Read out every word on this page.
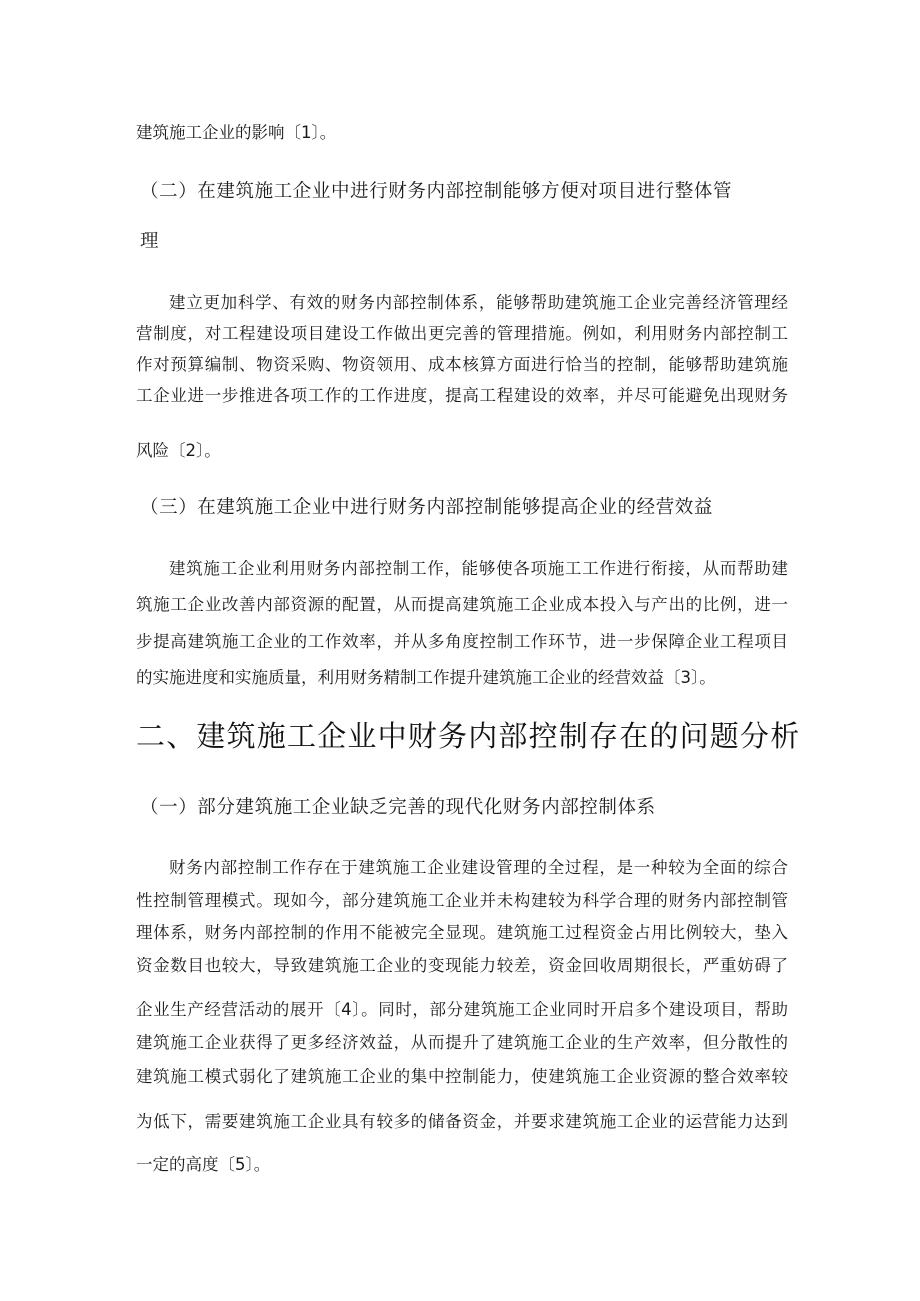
建筑施工企业的影响〔1〕。
（二）在建筑施工企业中进行财务内部控制能够方便对项目进行整体管
理
建立更加科学、有效的财务内部控制体系，能够帮助建筑施工企业完善经济管理经
营制度，对工程建设项目建设工作做出更完善的管理措施。例如，利用财务内部控制工
作对预算编制、物资采购、物资领用、成本核算方面进行恰当的控制，能够帮助建筑施
工企业进一步推进各项工作的工作进度，提高工程建设的效率，并尽可能避免出现财务
风险〔2〕。
（三）在建筑施工企业中进行财务内部控制能够提高企业的经营效益
建筑施工企业利用财务内部控制工作，能够使各项施工工作进行衔接，从而帮助建
筑施工企业改善内部资源的配置，从而提高建筑施工企业成本投入与产出的比例，进一
步提高建筑施工企业的工作效率，并从多角度控制工作环节，进一步保障企业工程项目
的实施进度和实施质量，利用财务精制工作提升建筑施工企业的经营效益〔3〕。
二、建筑施工企业中财务内部控制存在的问题分析
（一）部分建筑施工企业缺乏完善的现代化财务内部控制体系
财务内部控制工作存在于建筑施工企业建设管理的全过程，是一种较为全面的综合
性控制管理模式。现如今，部分建筑施工企业并未构建较为科学合理的财务内部控制管
理体系，财务内部控制的作用不能被完全显现。建筑施工过程资金占用比例较大，垫入
资金数目也较大，导致建筑施工企业的变现能力较差，资金回收周期很长，严重妨碍了
企业生产经营活动的展开〔4〕。同时，部分建筑施工企业同时开启多个建设项目，帮助
建筑施工企业获得了更多经济效益，从而提升了建筑施工企业的生产效率，但分散性的
建筑施工模式弱化了建筑施工企业的集中控制能力，使建筑施工企业资源的整合效率较
为低下，需要建筑施工企业具有较多的储备资金，并要求建筑施工企业的运营能力达到
一定的高度〔5〕。
